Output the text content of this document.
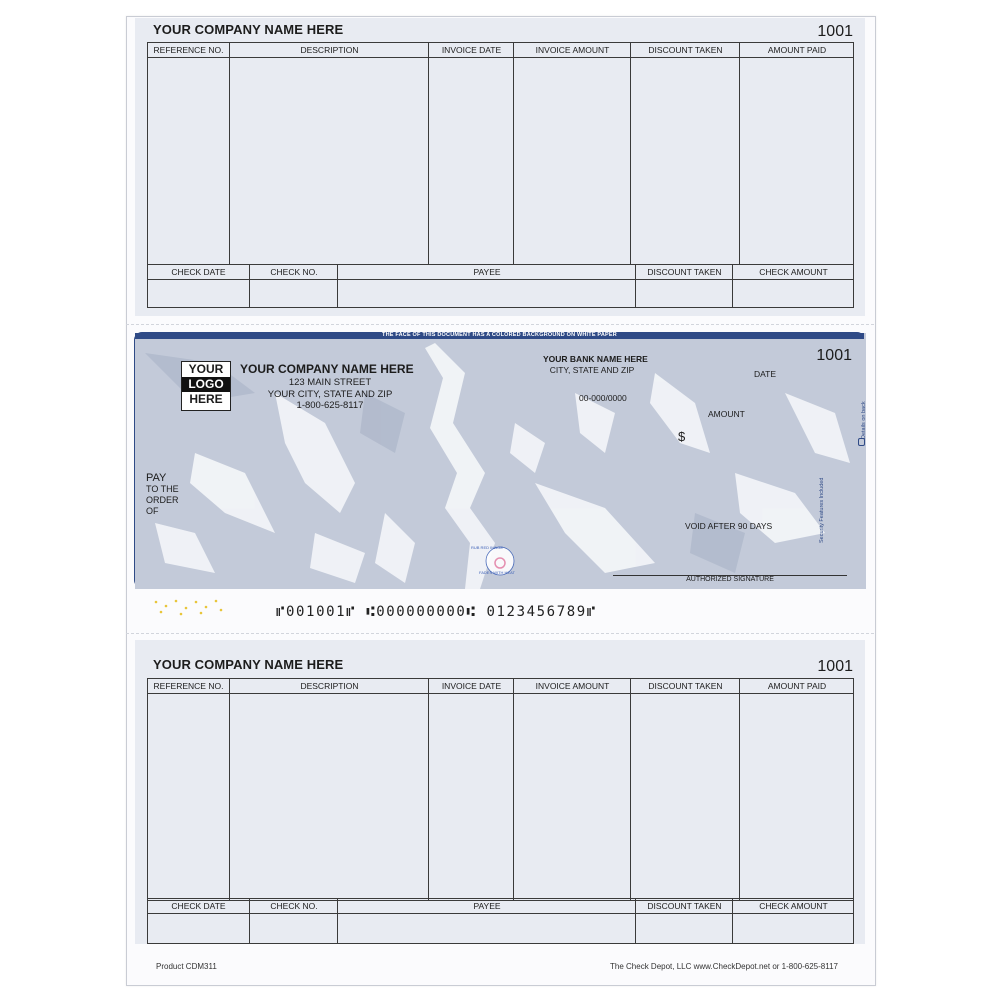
YOUR COMPANY NAME HERE	1001
REFERENCE NO.	DESCRIPTION	INVOICE DATE	INVOICE AMOUNT	DISCOUNT TAKEN	AMOUNT PAID
CHECK DATE	CHECK NO.	PAYEE	DISCOUNT TAKEN	CHECK AMOUNT
THE FACE OF THIS DOCUMENT HAS A COLORED BACKGROUND ON WHITE PAPER
YOUR
LOGO
HERE
YOUR COMPANY NAME HERE
123 MAIN STREET
YOUR CITY, STATE AND ZIP
1-800-625-8117
YOUR BANK NAME HERE
CITY, STATE AND ZIP
00-000/0000
1001
DATE
AMOUNT
$
PAY
TO THE
ORDER
OF
VOID AFTER 90 DAYS
RUB RED IMAGE
FADES WITH HEAT
AUTHORIZED SIGNATURE
Security Features Included
Details on back
⑈001001⑈ ⑆000000000⑆ 0123456789⑈
YOUR COMPANY NAME HERE	1001
REFERENCE NO.	DESCRIPTION	INVOICE DATE	INVOICE AMOUNT	DISCOUNT TAKEN	AMOUNT PAID
CHECK DATE	CHECK NO.	PAYEE	DISCOUNT TAKEN	CHECK AMOUNT
Product CDM311	The Check Depot, LLC www.CheckDepot.net or 1-800-625-8117
